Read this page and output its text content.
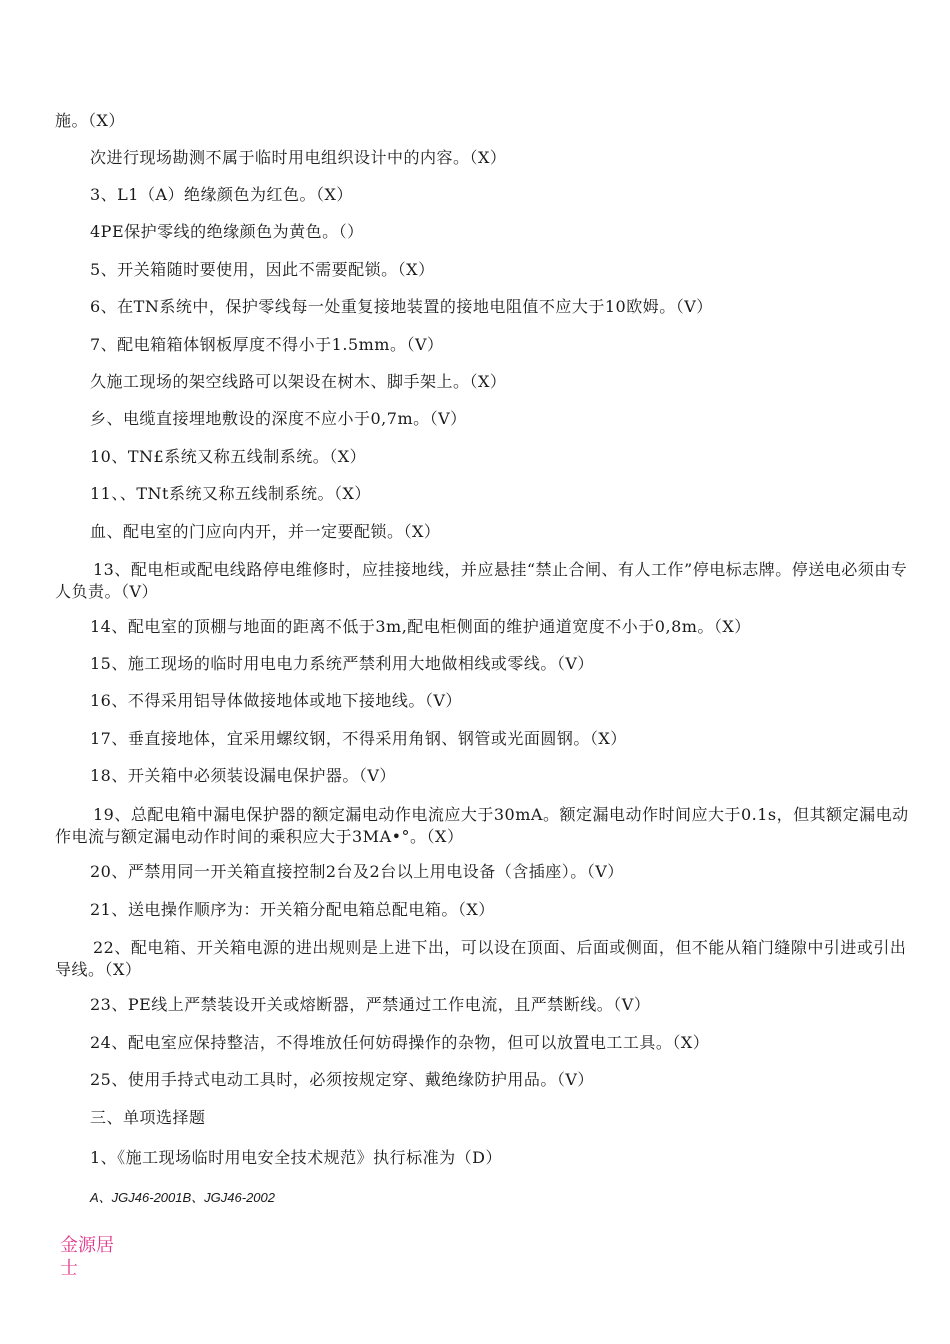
施。（X）
次进行现场勘测不属于临时用电组织设计中的内容。（X）
3、L1（A）绝缘颜色为红色。（X）
4PE保护零线的绝缘颜色为黄色。（）
5、开关箱随时要使用，因此不需要配锁。（X）
6、在TN系统中，保护零线每一处重复接地装置的接地电阻值不应大于10欧姆。（V）
7、配电箱箱体钢板厚度不得小于1.5mm。（V）
久施工现场的架空线路可以架设在树木、脚手架上。（X）
乡、电缆直接埋地敷设的深度不应小于0,7m。（V）
10、TN£系统又称五线制系统。（X）
11、、TNt系统又称五线制系统。（X）
血、配电室的门应向内开，并一定要配锁。（X）
13、配电柜或配电线路停电维修时，应挂接地线，并应悬挂“禁止合闸、有人工作”停电标志牌。停送电必须由专人负责。（V）
14、配电室的顶棚与地面的距离不低于3m,配电柜侧面的维护通道宽度不小于0,8m。（X）
15、施工现场的临时用电电力系统严禁利用大地做相线或零线。（V）
16、不得采用铝导体做接地体或地下接地线。（V）
17、垂直接地体，宜采用螺纹钢，不得采用角钢、钢管或光面圆钢。（X）
18、开关箱中必须装设漏电保护器。（V）
19、总配电箱中漏电保护器的额定漏电动作电流应大于30mA。额定漏电动作时间应大于0.1s，但其额定漏电动作电流与额定漏电动作时间的乘积应大于3MA•°。（X）
20、严禁用同一开关箱直接控制2台及2台以上用电设备（含插座）。（V）
21、送电操作顺序为：开关箱分配电箱总配电箱。（X）
22、配电箱、开关箱电源的进出规则是上进下出，可以设在顶面、后面或侧面，但不能从箱门缝隙中引进或引出导线。（X）
23、PE线上严禁装设开关或熔断器，严禁通过工作电流，且严禁断线。（V）
24、配电室应保持整洁，不得堆放任何妨碍操作的杂物，但可以放置电工工具。（X）
25、使用手持式电动工具时，必须按规定穿、戴绝缘防护用品。（V）
三、单项选择题
1、《施工现场临时用电安全技术规范》执行标准为（D）
A、JGJ46-2001B、JGJ46-2002
金源居士
